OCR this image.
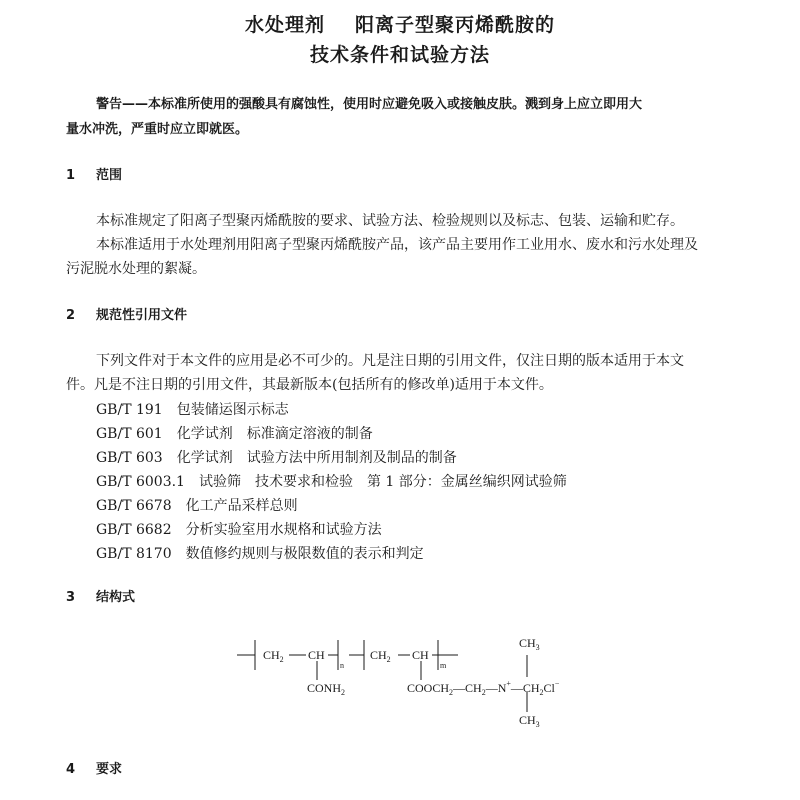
水处理剂 阳离子型聚丙烯酰胺的
技术条件和试验方法
警告——本标准所使用的强酸具有腐蚀性，使用时应避免吸入或接触皮肤。溅到身上应立即用大
量水冲洗，严重时应立即就医。
1 范围
本标准规定了阳离子型聚丙烯酰胺的要求、试验方法、检验规则以及标志、包装、运输和贮存。
本标准适用于水处理剂用阳离子型聚丙烯酰胺产品，该产品主要用作工业用水、废水和污水处理及
污泥脱水处理的絮凝。
2 规范性引用文件
下列文件对于本文件的应用是必不可少的。凡是注日期的引用文件，仅注日期的版本适用于本文
件。凡是不注日期的引用文件，其最新版本(包括所有的修改单)适用于本文件。
GB/T 191 包装储运图示标志
GB/T 601 化学试剂　标准滴定溶液的制备
GB/T 603 化学试剂　试验方法中所用制剂及制品的制备
GB/T 6003.1 试验筛　技术要求和检验　第 1 部分：金属丝编织网试验筛
GB/T 6678 化工产品采样总则
GB/T 6682 分析实验室用水规格和试验方法
GB/T 8170 数值修约规则与极限数值的表示和判定
3 结构式
$CH_2$ CH
n
$CH_2$ CH
m
$CONH_2$	$COOCH_2—CH_2—N^+—CH_2Cl^-$
$CH_3$
$CH_3$
4 要求
